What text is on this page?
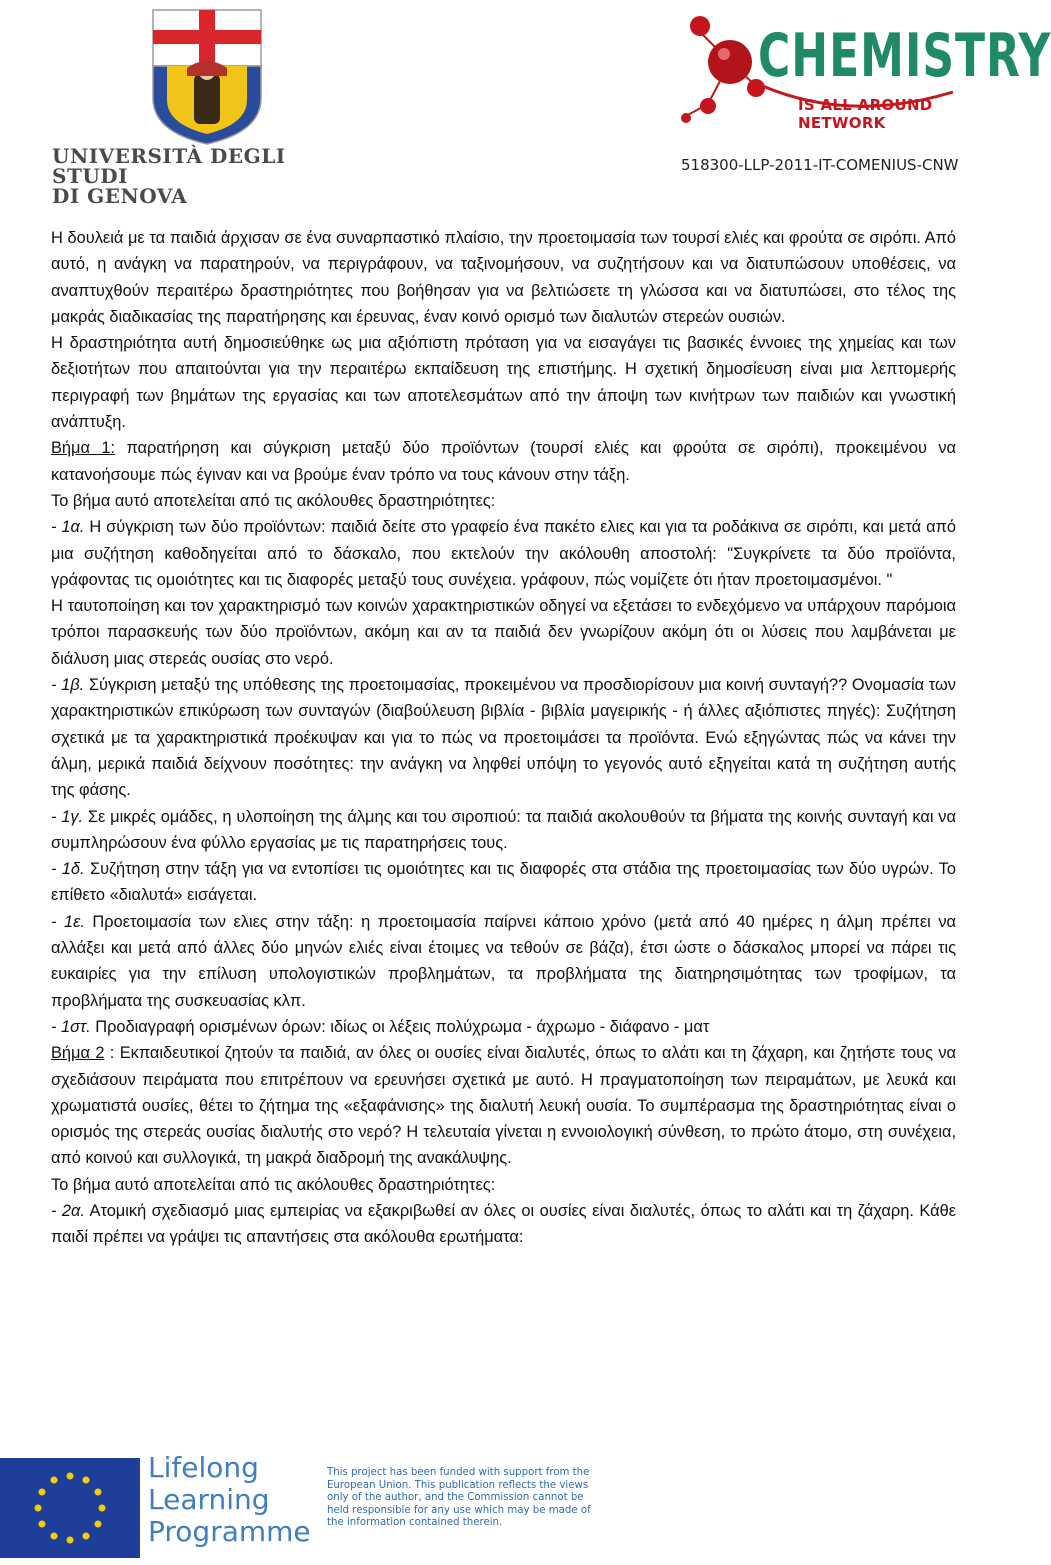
UNIVERSITÀ DEGLI STUDI
DI GENOVA
CHEMISTRY
IS ALL AROUND NETWORK
518300-LLP-2011-IT-COMENIUS-CNW

Η δουλειά με τα παιδιά άρχισαν σε ένα συναρπαστικό πλαίσιο, την προετοιμασία των τουρσί ελιές και φρούτα σε σιρόπι. Από αυτό, η ανάγκη να παρατηρούν, να περιγράφουν, να ταξινομήσουν, να συζητήσουν και να διατυπώσουν υποθέσεις, να αναπτυχθούν περαιτέρω δραστηριότητες που βοήθησαν για να βελτιώσετε τη γλώσσα και να διατυπώσει, στο τέλος της μακράς διαδικασίας της παρατήρησης και έρευνας, έναν κοινό ορισμό των διαλυτών στερεών ουσιών.

Η δραστηριότητα αυτή δημοσιεύθηκε ως μια αξιόπιστη πρόταση για να εισαγάγει τις βασικές έννοιες της χημείας και των δεξιοτήτων που απαιτούνται για την περαιτέρω εκπαίδευση της επιστήμης. Η σχετική δημοσίευση είναι μια λεπτομερής περιγραφή των βημάτων της εργασίας και των αποτελεσμάτων από την άποψη των κινήτρων των παιδιών και γνωστική ανάπτυξη.

Βήμα 1: παρατήρηση και σύγκριση μεταξύ δύο προϊόντων (τουρσί ελιές και φρούτα σε σιρόπι), προκειμένου να κατανοήσουμε πώς έγιναν και να βρούμε έναν τρόπο να τους κάνουν στην τάξη.

Το βήμα αυτό αποτελείται από τις ακόλουθες δραστηριότητες:

- 1α. Η σύγκριση των δύο προϊόντων: παιδιά δείτε στο γραφείο ένα πακέτο ελιες και για τα ροδάκινα σε σιρόπι, και μετά από μια συζήτηση καθοδηγείται από το δάσκαλο, που εκτελούν την ακόλουθη αποστολή: "Συγκρίνετε τα δύο προϊόντα, γράφοντας τις ομοιότητες και τις διαφορές μεταξύ τους συνέχεια. γράφουν, πώς νομίζετε ότι ήταν προετοιμασμένοι. "

Η ταυτοποίηση και τον χαρακτηρισμό των κοινών χαρακτηριστικών οδηγεί να εξετάσει το ενδεχόμενο να υπάρχουν παρόμοια τρόποι παρασκευής των δύο προϊόντων, ακόμη και αν τα παιδιά δεν γνωρίζουν ακόμη ότι οι λύσεις που λαμβάνεται με διάλυση μιας στερεάς ουσίας στο νερό.

- 1β. Σύγκριση μεταξύ της υπόθεσης της προετοιμασίας, προκειμένου να προσδιορίσουν μια κοινή συνταγή?? Ονομασία των χαρακτηριστικών επικύρωση των συνταγών (διαβούλευση βιβλία - βιβλία μαγειρικής - ή άλλες αξιόπιστες πηγές): Συζήτηση σχετικά με τα χαρακτηριστικά προέκυψαν και για το πώς να προετοιμάσει τα προϊόντα. Ενώ εξηγώντας πώς να κάνει την άλμη, μερικά παιδιά δείχνουν ποσότητες: την ανάγκη να ληφθεί υπόψη το γεγονός αυτό εξηγείται κατά τη συζήτηση αυτής της φάσης.

- 1γ. Σε μικρές ομάδες, η υλοποίηση της άλμης και του σιροπιού: τα παιδιά ακολουθούν τα βήματα της κοινής συνταγή και να συμπληρώσουν ένα φύλλο εργασίας με τις παρατηρήσεις τους.

- 1δ. Συζήτηση στην τάξη για να εντοπίσει τις ομοιότητες και τις διαφορές στα στάδια της προετοιμασίας των δύο υγρών. Το επίθετο «διαλυτά» εισάγεται.

- 1ε. Προετοιμασία των ελιες στην τάξη: η προετοιμασία παίρνει κάποιο χρόνο (μετά από 40 ημέρες η άλμη πρέπει να αλλάξει και μετά από άλλες δύο μηνών ελιές είναι έτοιμες να τεθούν σε βάζα), έτσι ώστε ο δάσκαλος μπορεί να πάρει τις ευκαιρίες για την επίλυση υπολογιστικών προβλημάτων, τα προβλήματα της διατηρησιμότητας των τροφίμων, τα προβλήματα της συσκευασίας κλπ.

- 1στ. Προδιαγραφή ορισμένων όρων: ιδίως οι λέξεις πολύχρωμα - άχρωμο - διάφανο - ματ

Βήμα 2 : Εκπαιδευτικοί ζητούν τα παιδιά, αν όλες οι ουσίες είναι διαλυτές, όπως το αλάτι και τη ζάχαρη, και ζητήστε τους να σχεδιάσουν πειράματα που επιτρέπουν να ερευνήσει σχετικά με αυτό. Η πραγματοποίηση των πειραμάτων, με λευκά και χρωματιστά ουσίες, θέτει το ζήτημα της «εξαφάνισης» της διαλυτή λευκή ουσία. Το συμπέρασμα της δραστηριότητας είναι ο ορισμός της στερεάς ουσίας διαλυτής στο νερό? Η τελευταία γίνεται η εννοιολογική σύνθεση, το πρώτο άτομο, στη συνέχεια, από κοινού και συλλογικά, τη μακρά διαδρομή της ανακάλυψης.

Το βήμα αυτό αποτελείται από τις ακόλουθες δραστηριότητες:

- 2α. Ατομική σχεδιασμό μιας εμπειρίας να εξακριβωθεί αν όλες οι ουσίες είναι διαλυτές, όπως το αλάτι και τη ζάχαρη. Κάθε παιδί πρέπει να γράψει τις απαντήσεις στα ακόλουθα ερωτήματα:

Lifelong
Learning
Programme
This project has been funded with support from the European Union. This publication reflects the views only of the author, and the Commission cannot be held responsible for any use which may be made of the information contained therein.
